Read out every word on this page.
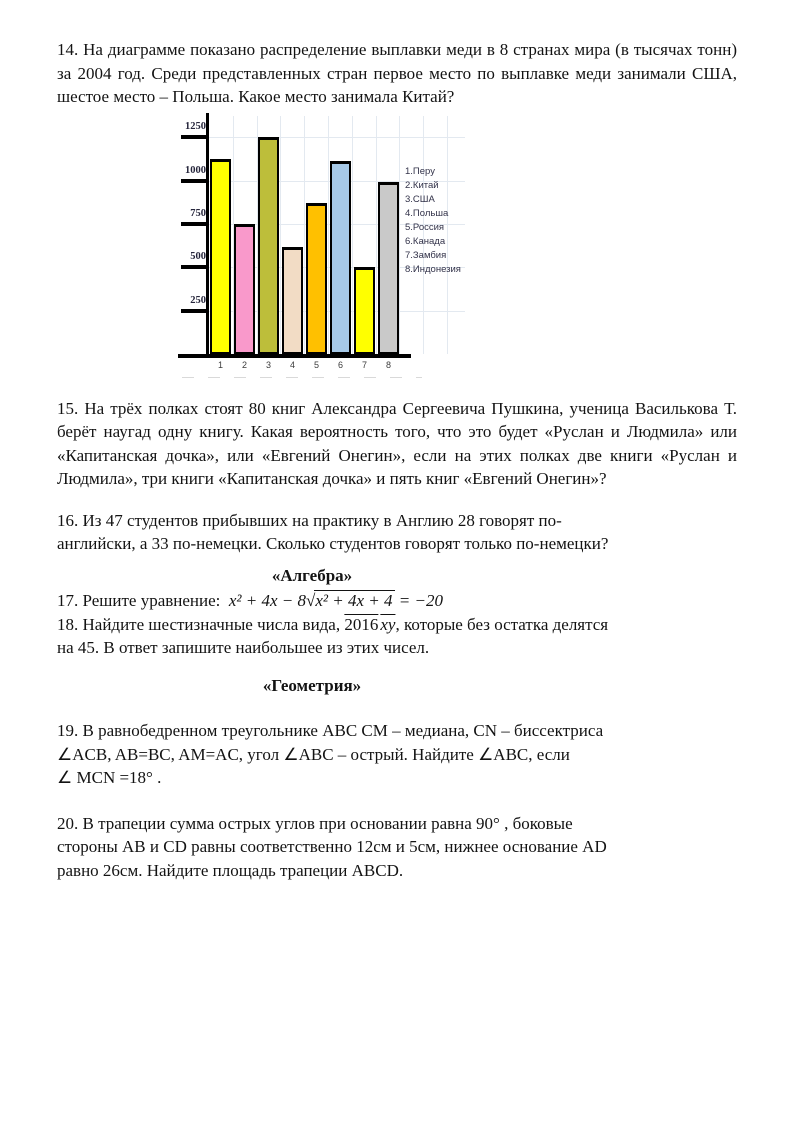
14. На диаграмме показано распределение выплавки меди в 8 странах мира (в тысячах тонн) за 2004 год. Среди представленных стран первое место по выплавке меди занимали США, шестое место – Польша. Какое место занимала Китай?

250
500
750
1000
1250
1	2	3	4	5	6	7	8
1.Перу
2.Китай
3.США
4.Польша
5.Россия
6.Канада
7.Замбия
8.Индонезия

15. На трёх полках стоят 80 книг Александра Сергеевича Пушкина, ученица Василькова Т. берёт наугад одну книгу. Какая вероятность того, что это будет «Руслан и Людмила» или «Капитанская дочка», или «Евгений Онегин», если на этих полках две книги «Руслан и Людмила», три книги «Капитанская дочка» и пять книг «Евгений Онегин»?

16. Из 47 студентов прибывших на практику в Англию 28 говорят по-
английски, а 33 по-немецки. Сколько студентов говорят только по-немецки?

«Алгебра»

17. Решите уравнение: x² + 4x − 8√x² + 4x + 4 = −20

18. Найдите шестизначные числа вида, 2016 xy, которые без остатка делятся
на 45. В ответ запишите наибольшее из этих чисел.

«Геометрия»

19. В равнобедренном треугольнике ABC CM – медиана, CN – биссектриса
∠ACB, AB=BC, AM=AC, угол ∠ABC – острый. Найдите ∠ABC, если
∠ MCN =18° .

20. В трапеции сумма острых углов при основании равна 90° , боковые
стороны AB и CD равны соответственно 12см и 5см, нижнее основание AD
равно 26см. Найдите площадь трапеции ABCD.
